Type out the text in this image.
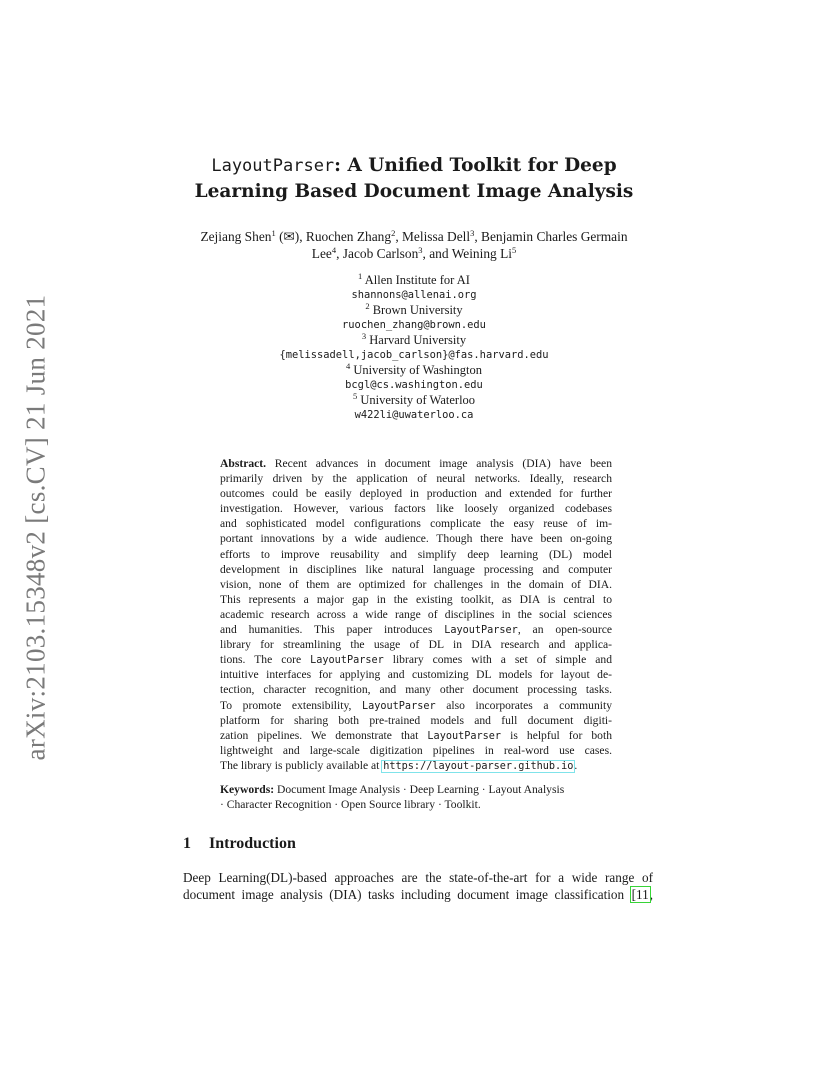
arXiv:2103.15348v2 [cs.CV] 21 Jun 2021
LayoutParser: A Unified Toolkit for Deep
Learning Based Document Image Analysis
Zejiang Shen$^1$ (✉), Ruochen Zhang$^2$, Melissa Dell$^3$, Benjamin Charles Germain
Lee$^4$, Jacob Carlson$^3$, and Weining Li$^5$
$^1$ Allen Institute for AI
shannons@allenai.org
$^2$ Brown University
ruochen_zhang@brown.edu
$^3$ Harvard University
{melissadell,jacob_carlson}@fas.harvard.edu
$^4$ University of Washington
bcgl@cs.washington.edu
$^5$ University of Waterloo
w422li@uwaterloo.ca
Abstract. Recent advances in document image analysis (DIA) have been
primarily driven by the application of neural networks. Ideally, research
outcomes could be easily deployed in production and extended for further
investigation. However, various factors like loosely organized codebases
and sophisticated model configurations complicate the easy reuse of im-
portant innovations by a wide audience. Though there have been on-going
efforts to improve reusability and simplify deep learning (DL) model
development in disciplines like natural language processing and computer
vision, none of them are optimized for challenges in the domain of DIA.
This represents a major gap in the existing toolkit, as DIA is central to
academic research across a wide range of disciplines in the social sciences
and humanities. This paper introduces LayoutParser, an open-source
library for streamlining the usage of DL in DIA research and applica-
tions. The core LayoutParser library comes with a set of simple and
intuitive interfaces for applying and customizing DL models for layout de-
tection, character recognition, and many other document processing tasks.
To promote extensibility, LayoutParser also incorporates a community
platform for sharing both pre-trained models and full document digiti-
zation pipelines. We demonstrate that LayoutParser is helpful for both
lightweight and large-scale digitization pipelines in real-word use cases.
The library is publicly available at https://layout-parser.github.io.
Keywords: Document Image Analysis · Deep Learning · Layout Analysis
· Character Recognition · Open Source library · Toolkit.
1 Introduction
Deep Learning(DL)-based approaches are the state-of-the-art for a wide range of
document image analysis (DIA) tasks including document image classification [11,
